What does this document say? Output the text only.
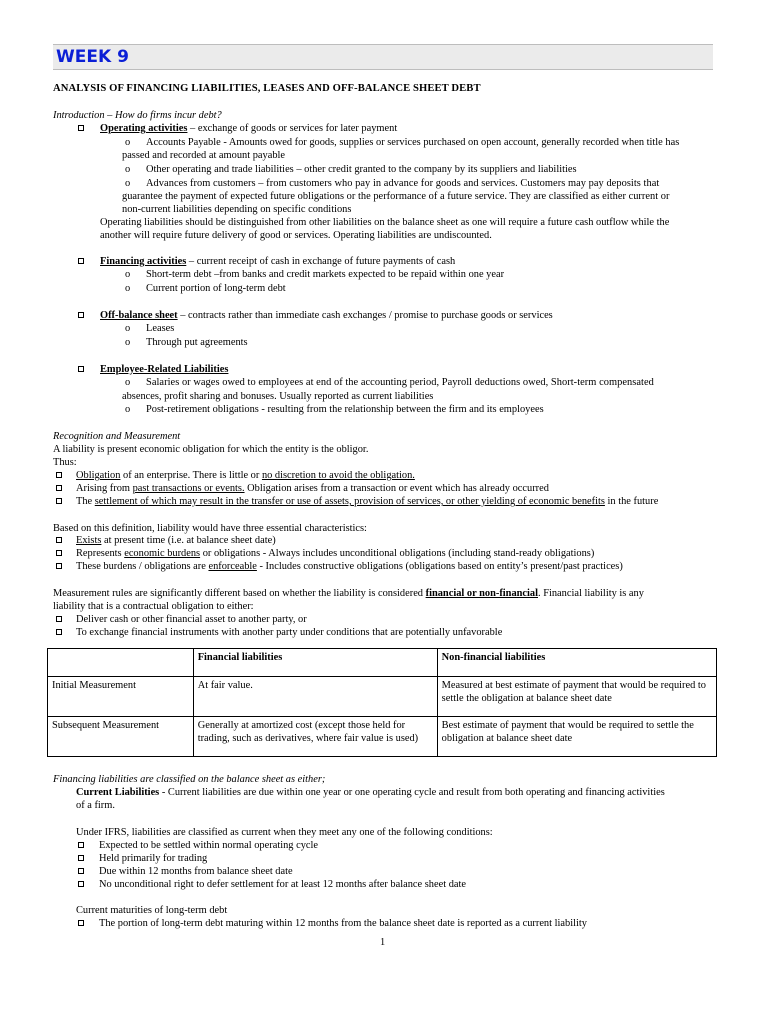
WEEK 9
ANALYSIS OF FINANCING LIABILITIES, LEASES AND OFF-BALANCE SHEET DEBT
Introduction – How do firms incur debt?
Operating activities – exchange of goods or services for later payment
o Accounts Payable - Amounts owed for goods, supplies or services purchased on open account, generally recorded when title has
passed and recorded at amount payable
o Other operating and trade liabilities – other credit granted to the company by its suppliers and liabilities
o Advances from customers – from customers who pay in advance for goods and services. Customers may pay deposits that
guarantee the payment of expected future obligations or the performance of a future service. They are classified as either current or
non-current liabilities depending on specific conditions
Operating liabilities should be distinguished from other liabilities on the balance sheet as one will require a future cash outflow while the
another will require future delivery of good or services. Operating liabilities are undiscounted.
Financing activities – current receipt of cash in exchange of future payments of cash
o Short-term debt –from banks and credit markets expected to be repaid within one year
o Current portion of long-term debt
Off-balance sheet – contracts rather than immediate cash exchanges / promise to purchase goods or services
o Leases
o Through put agreements
Employee-Related Liabilities
o Salaries or wages owed to employees at end of the accounting period, Payroll deductions owed, Short-term compensated
absences, profit sharing and bonuses. Usually reported as current liabilities
o Post-retirement obligations - resulting from the relationship between the firm and its employees
Recognition and Measurement
A liability is present economic obligation for which the entity is the obligor.
Thus:
Obligation of an enterprise. There is little or no discretion to avoid the obligation.
Arising from past transactions or events. Obligation arises from a transaction or event which has already occurred
The settlement of which may result in the transfer or use of assets, provision of services, or other yielding of economic benefits in the future
Based on this definition, liability would have three essential characteristics:
Exists at present time (i.e. at balance sheet date)
Represents economic burdens or obligations - Always includes unconditional obligations (including stand-ready obligations)
These burdens / obligations are enforceable - Includes constructive obligations (obligations based on entity’s present/past practices)
Measurement rules are significantly different based on whether the liability is considered financial or non-financial. Financial liability is any
liability that is a contractual obligation to either:
Deliver cash or other financial asset to another party, or
To exchange financial instruments with another party under conditions that are potentially unfavorable
	Financial liabilities	Non-financial liabilities
Initial Measurement	At fair value.	Measured at best estimate of payment that would be required to settle the obligation at balance sheet date
Subsequent Measurement	Generally at amortized cost (except those held for trading, such as derivatives, where fair value is used)	Best estimate of payment that would be required to settle the obligation at balance sheet date
Financing liabilities are classified on the balance sheet as either;
Current Liabilities - Current liabilities are due within one year or one operating cycle and result from both operating and financing activities
of a firm.
Under IFRS, liabilities are classified as current when they meet any one of the following conditions:
Expected to be settled within normal operating cycle
Held primarily for trading
Due within 12 months from balance sheet date
No unconditional right to defer settlement for at least 12 months after balance sheet date
Current maturities of long-term debt
The portion of long-term debt maturing within 12 months from the balance sheet date is reported as a current liability
1
